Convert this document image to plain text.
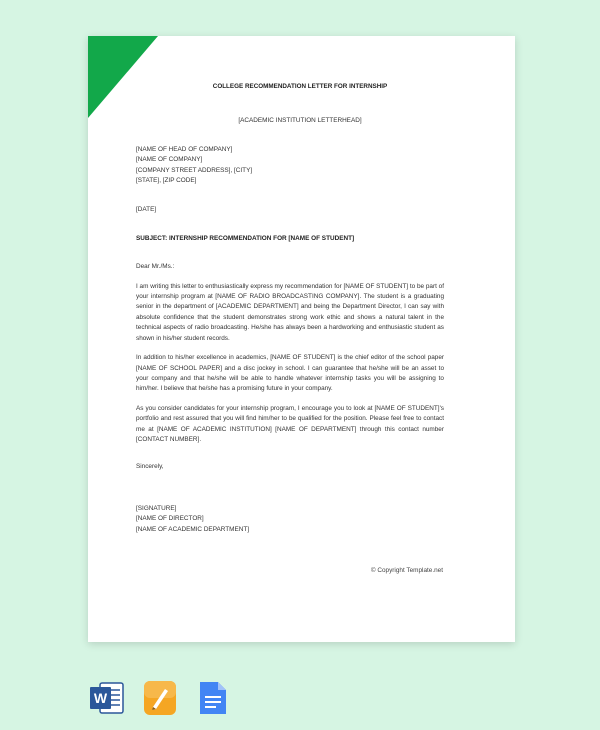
COLLEGE RECOMMENDATION LETTER FOR INTERNSHIP
[ACADEMIC INSTITUTION LETTERHEAD]
[NAME OF HEAD OF COMPANY]
[NAME OF COMPANY]
[COMPANY STREET ADDRESS], [CITY]
[STATE], [ZIP CODE]
[DATE]
SUBJECT: INTERNSHIP RECOMMENDATION FOR [NAME OF STUDENT]
Dear Mr./Ms.:
I am writing this letter to enthusiastically express my recommendation for [NAME OF STUDENT] to be part of your internship program at [NAME OF RADIO BROADCASTING COMPANY]. The student is a graduating senior in the department of [ACADEMIC DEPARTMENT] and being the Department Director, I can say with absolute confidence that the student demonstrates strong work ethic and shows a natural talent in the technical aspects of radio broadcasting. He/she has always been a hardworking and enthusiastic student as shown in his/her student records.
In addition to his/her excellence in academics, [NAME OF STUDENT] is the chief editor of the school paper [NAME OF SCHOOL PAPER] and a disc jockey in school. I can guarantee that he/she will be an asset to your company and that he/she will be able to handle whatever internship tasks you will be assigning to him/her. I believe that he/she has a promising future in your company.
As you consider candidates for your internship program, I encourage you to look at [NAME OF STUDENT]'s portfolio and rest assured that you will find him/her to be qualified for the position. Please feel free to contact me at [NAME OF ACADEMIC INSTITUTION] [NAME OF DEPARTMENT] through this contact number [CONTACT NUMBER].
Sincerely,
[SIGNATURE]
[NAME OF DIRECTOR]
[NAME OF ACADEMIC DEPARTMENT]
© Copyright Template.net
W
